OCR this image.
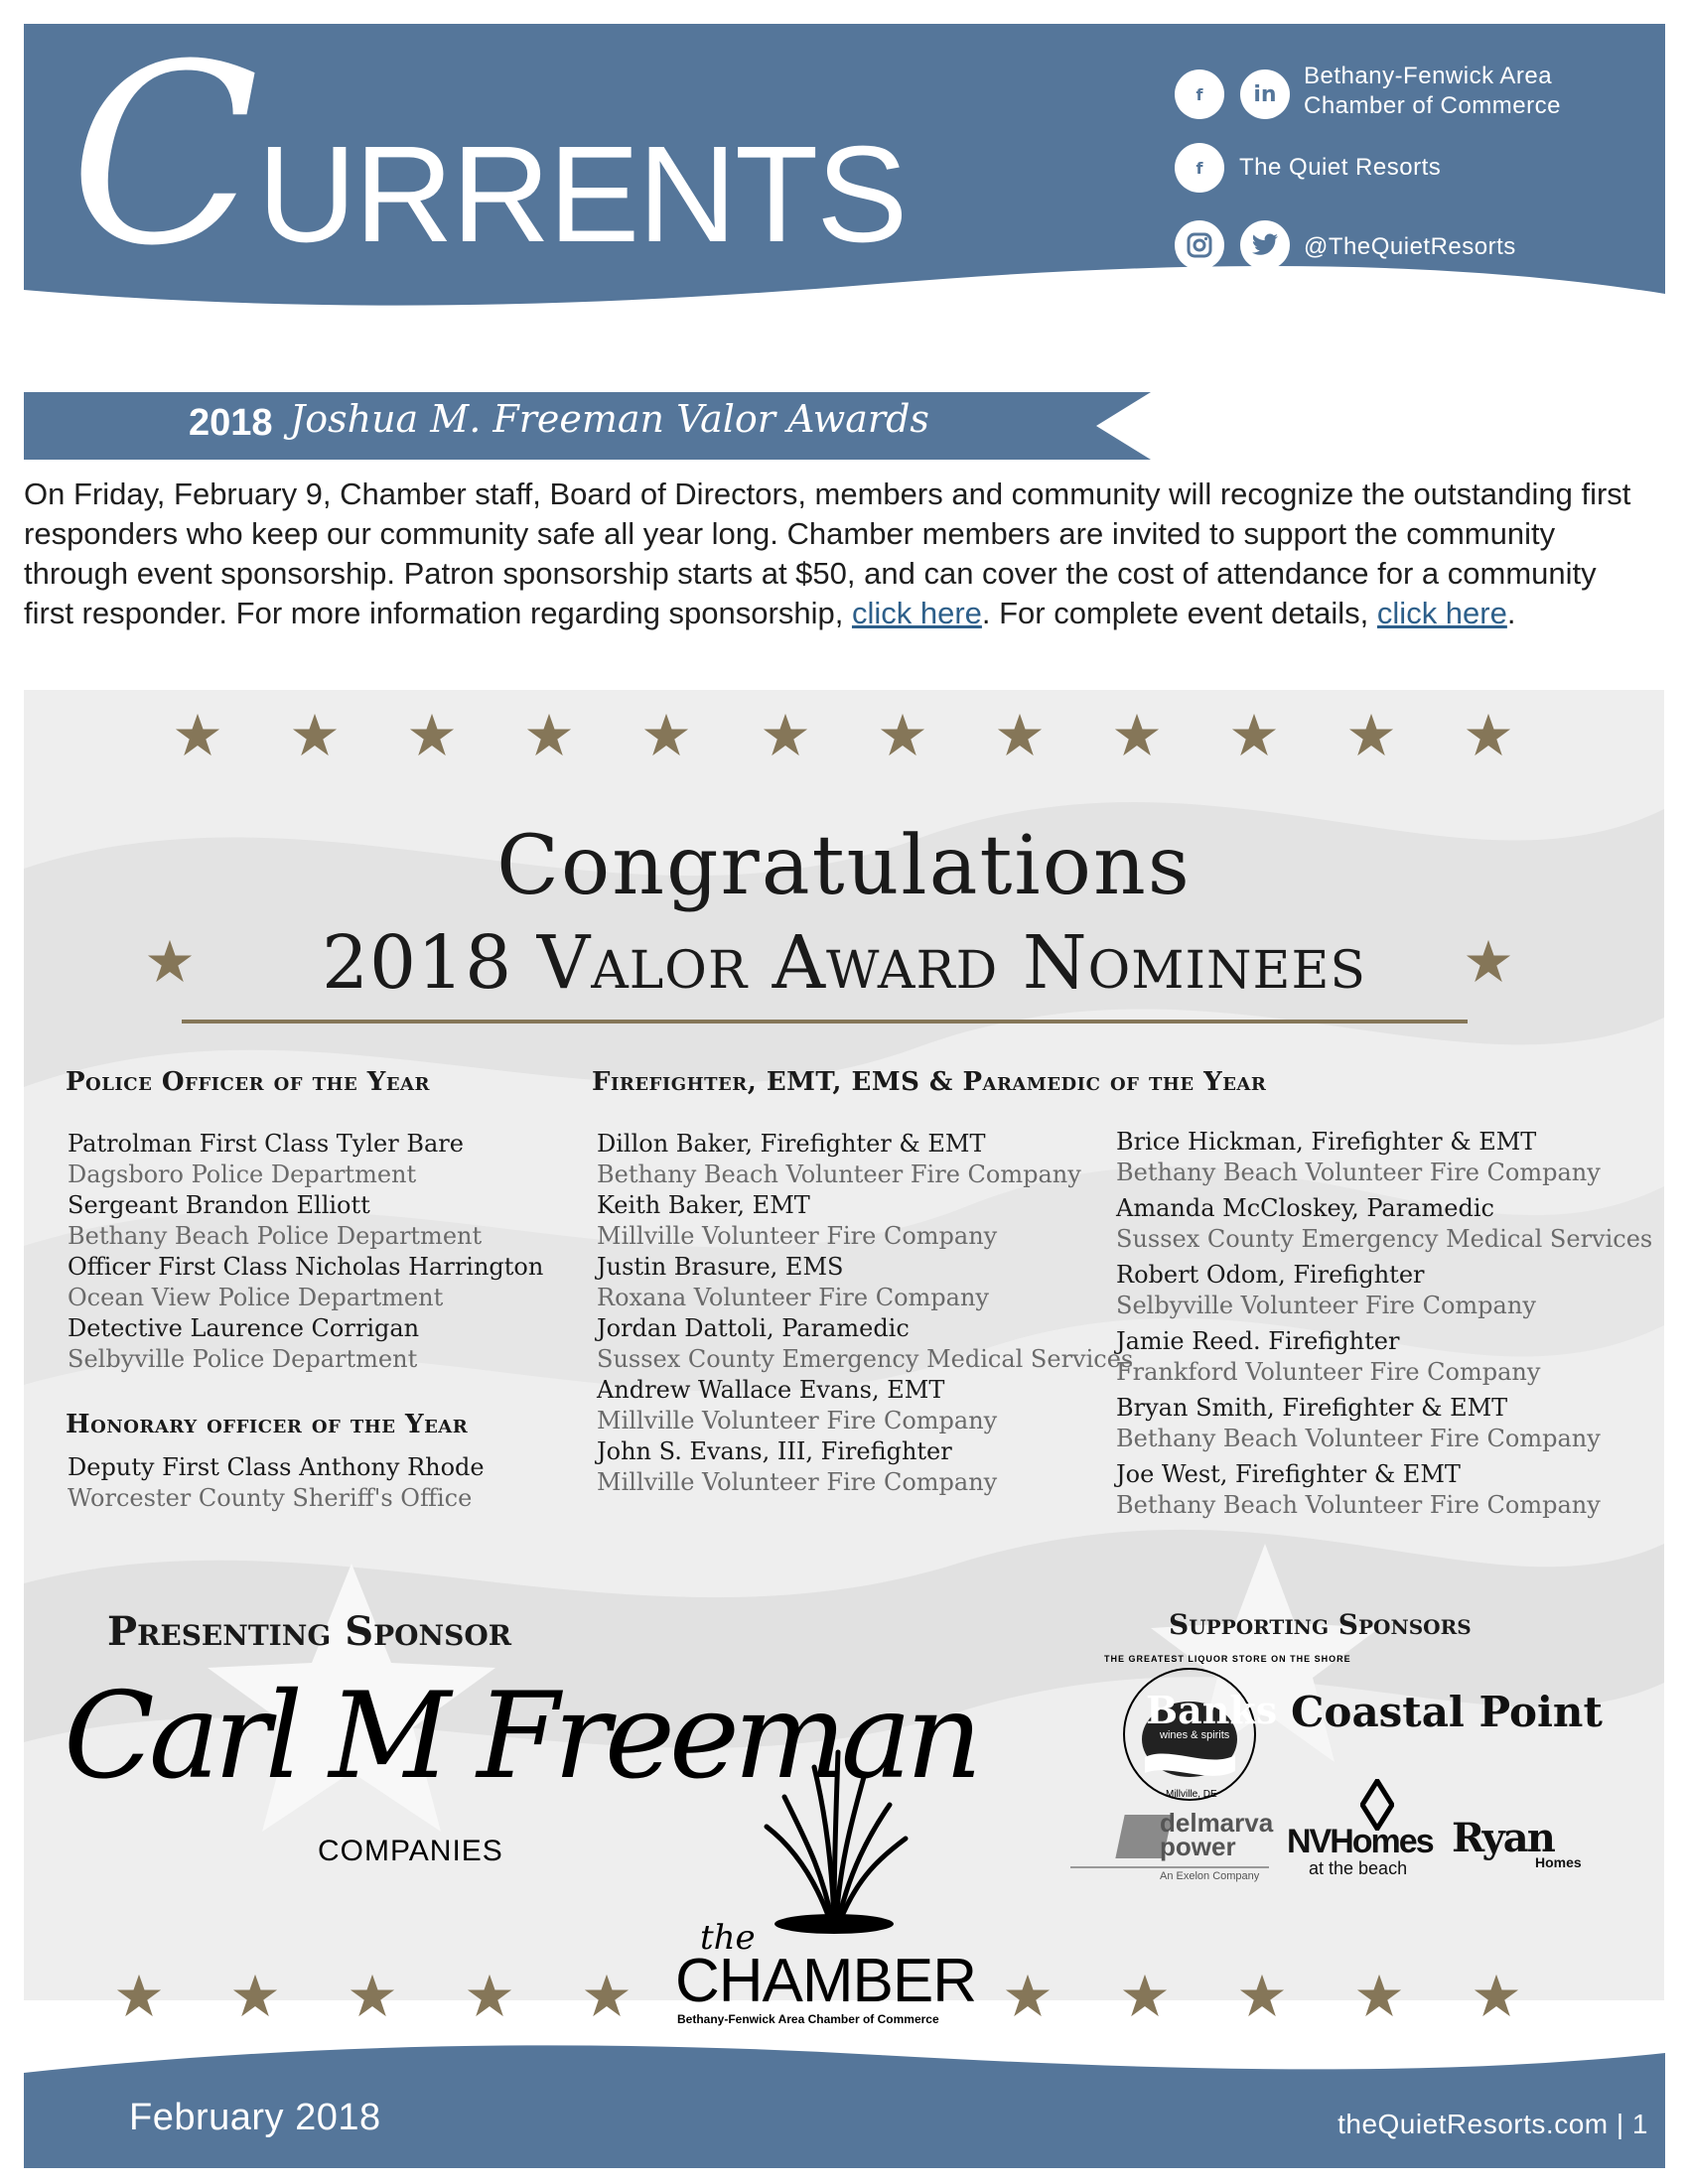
CURRENTS
f	in
Bethany-Fenwick Area
Chamber of Commerce
f	The Quiet Resorts
@TheQuietResorts
2018 Joshua M. Freeman Valor Awards
On Friday, February 9, Chamber staff, Board of Directors, members and community will recognize the outstanding first responders who keep our community safe all year long. Chamber members are invited to support the community through event sponsorship. Patron sponsorship starts at $50, and can cover the cost of attendance for a community first responder. For more information regarding sponsorship, click here. For complete event details, click here.
Congratulations
2018 Valor Award Nominees
Police Officer of the Year
Patrolman First Class Tyler Bare
Dagsboro Police Department
Sergeant Brandon Elliott
Bethany Beach Police Department
Officer First Class Nicholas Harrington
Ocean View Police Department
Detective Laurence Corrigan
Selbyville Police Department
Honorary officer of the Year
Deputy First Class Anthony Rhode
Worcester County Sheriff's Office
Firefighter, EMT, EMS & Paramedic of the Year
Dillon Baker, Firefighter & EMT
Bethany Beach Volunteer Fire Company
Keith Baker, EMT
Millville Volunteer Fire Company
Justin Brasure, EMS
Roxana Volunteer Fire Company
Jordan Dattoli, Paramedic
Sussex County Emergency Medical Services
Andrew Wallace Evans, EMT
Millville Volunteer Fire Company
John S. Evans, III, Firefighter
Millville Volunteer Fire Company
Brice Hickman, Firefighter & EMT
Bethany Beach Volunteer Fire Company
Amanda McCloskey, Paramedic
Sussex County Emergency Medical Services
Robert Odom, Firefighter
Selbyville Volunteer Fire Company
Jamie Reed. Firefighter
Frankford Volunteer Fire Company
Bryan Smith, Firefighter & EMT
Bethany Beach Volunteer Fire Company
Joe West, Firefighter & EMT
Bethany Beach Volunteer Fire Company
Presenting Sponsor
Carl M Freeman
COMPANIES
the
CHAMBER
Bethany-Fenwick Area Chamber of Commerce
Supporting Sponsors
THE GREATEST LIQUOR STORE ON THE SHORE
Banks
wines & spirits
Millville, DE
Coastal Point
delmarva
power
An Exelon Company
NVHomes
at the beach
Ryan
Homes
February 2018	theQuietResorts.com | 1
